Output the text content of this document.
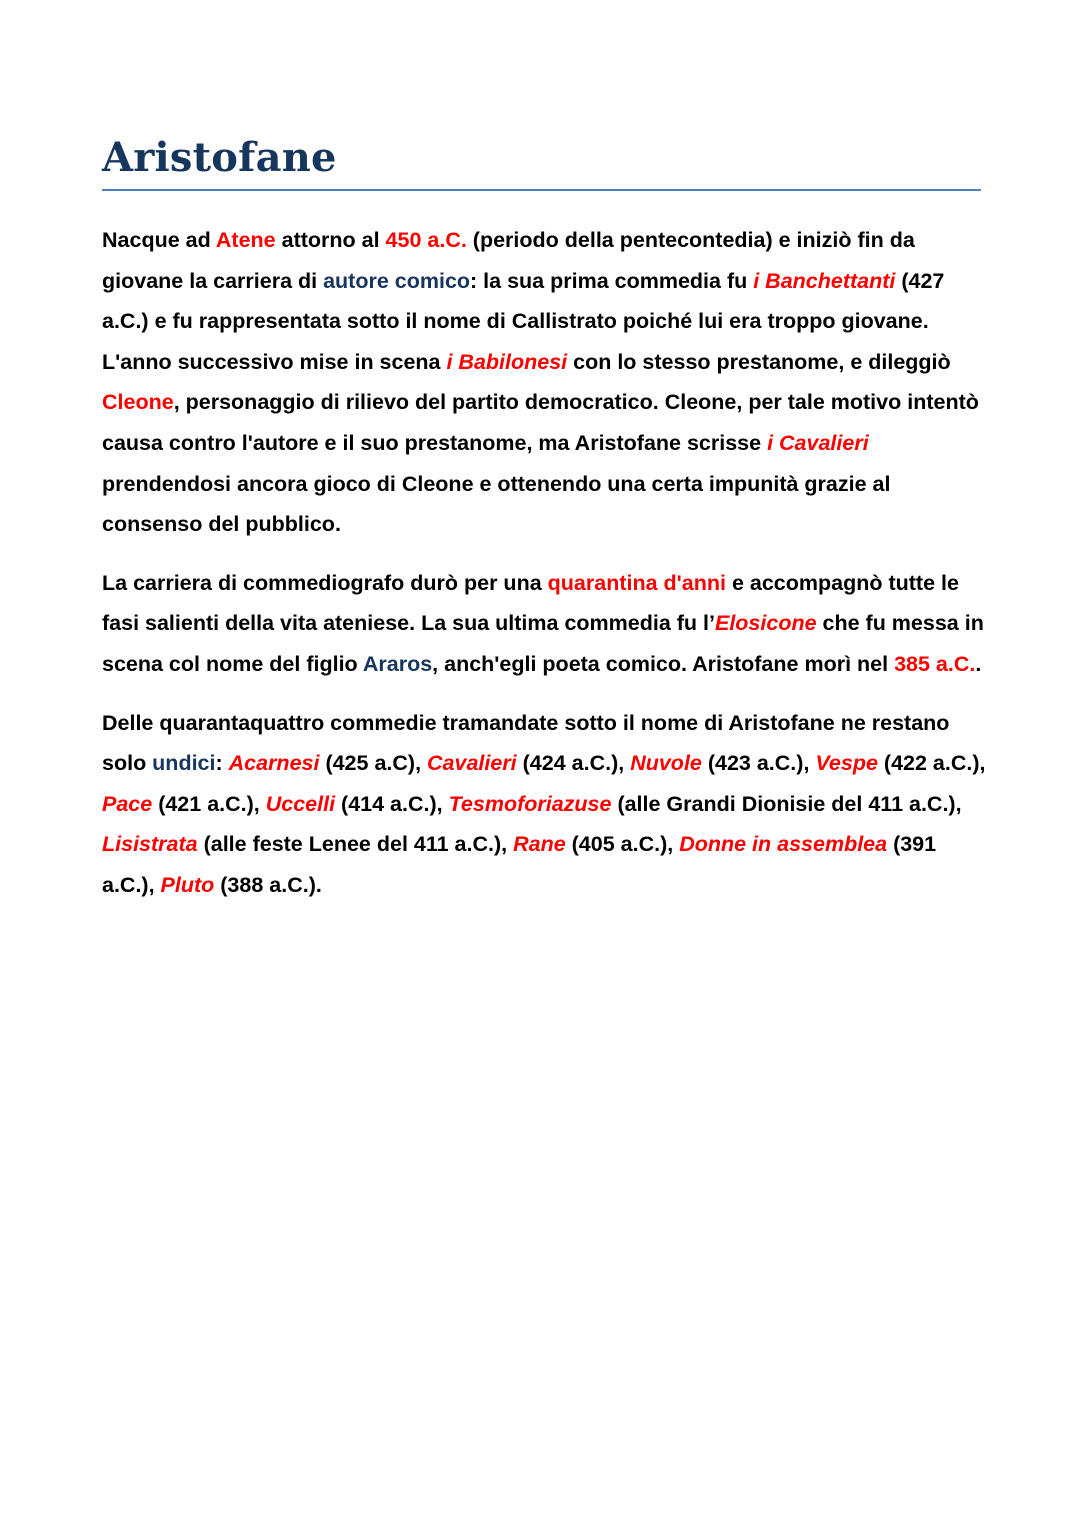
Aristofane

Nacque ad Atene attorno al 450 a.C. (periodo della pentecontedia) e iniziò fin da giovane la carriera di autore comico: la sua prima commedia fu i Banchettanti (427 a.C.) e fu rappresentata sotto il nome di Callistrato poiché lui era troppo giovane. L'anno successivo mise in scena i Babilonesi con lo stesso prestanome, e dileggiò Cleone, personaggio di rilievo del partito democratico. Cleone, per tale motivo intentò causa contro l'autore e il suo prestanome, ma Aristofane scrisse i Cavalieri prendendosi ancora gioco di Cleone e ottenendo una certa impunità grazie al consenso del pubblico.

La carriera di commediografo durò per una quarantina d'anni e accompagnò tutte le fasi salienti della vita ateniese. La sua ultima commedia fu l’Elosicone che fu messa in scena col nome del figlio Araros, anch'egli poeta comico. Aristofane morì nel 385 a.C..

Delle quarantaquattro commedie tramandate sotto il nome di Aristofane ne restano solo undici: Acarnesi (425 a.C), Cavalieri (424 a.C.), Nuvole (423 a.C.), Vespe (422 a.C.), Pace (421 a.C.), Uccelli (414 a.C.), Tesmoforiazuse (alle Grandi Dionisie del 411 a.C.), Lisistrata (alle feste Lenee del 411 a.C.), Rane (405 a.C.), Donne in assemblea (391 a.C.), Pluto (388 a.C.).
